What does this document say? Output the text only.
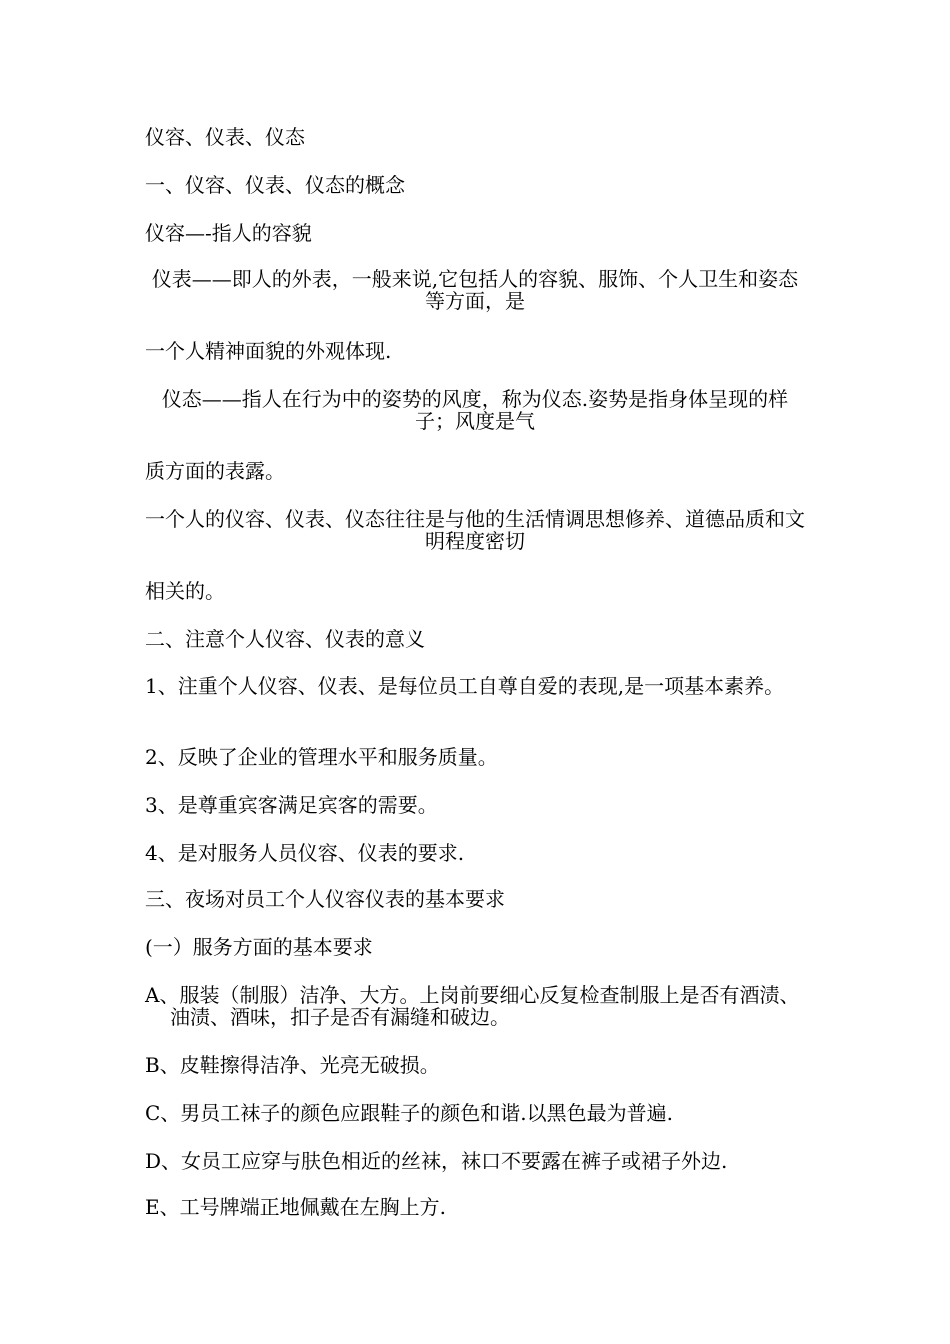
仪容、仪表、仪态
一、仪容、仪表、仪态的概念
仪容—-指人的容貌
仪表——即人的外表，一般来说,它包括人的容貌、服饰、个人卫生和姿态等方面，是
一个人精神面貌的外观体现.
仪态——指人在行为中的姿势的风度，称为仪态.姿势是指身体呈现的样子；风度是气
质方面的表露。
一个人的仪容、仪表、仪态往往是与他的生活情调思想修养、道德品质和文明程度密切
相关的。
二、注意个人仪容、仪表的意义
1、注重个人仪容、仪表、是每位员工自尊自爱的表现,是一项基本素养。
2、反映了企业的管理水平和服务质量。
3、是尊重宾客满足宾客的需要。
4、是对服务人员仪容、仪表的要求.
三、夜场对员工个人仪容仪表的基本要求
(一）服务方面的基本要求
A、服装（制服）洁净、大方。上岗前要细心反复检查制服上是否有酒渍、油渍、酒味，扣子是否有漏缝和破边。
B、皮鞋擦得洁净、光亮无破损。
C、男员工袜子的颜色应跟鞋子的颜色和谐.以黑色最为普遍.
D、女员工应穿与肤色相近的丝袜，袜口不要露在裤子或裙子外边.
E、工号牌端正地佩戴在左胸上方.
